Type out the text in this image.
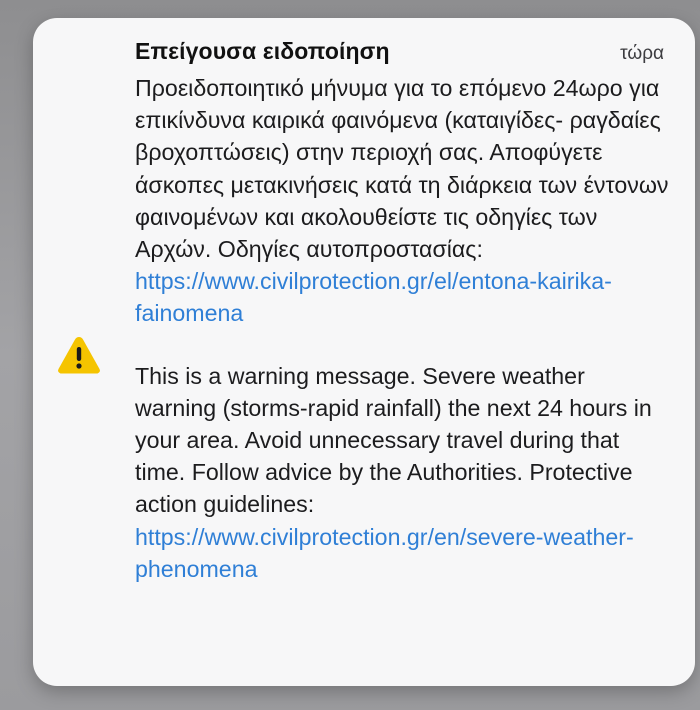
Επείγουσα ειδοποίηση	τώρα

Προειδοποιητικό μήνυμα για το επόμενο 24ωρο για επικίνδυνα καιρικά φαινόμενα (καταιγίδες- ραγδαίες βροχοπτώσεις) στην περιοχή σας. Αποφύγετε άσκοπες μετακινήσεις κατά τη διάρκεια των έντονων φαινομένων και ακολουθείστε τις οδηγίες των Αρχών. Οδηγίες αυτοπροστασίας: https://www.civilprotection.gr/el/entona-kairika-fainomena

This is a warning message. Severe weather warning (storms-rapid rainfall) the next 24 hours in your area. Avoid unnecessary travel during that time. Follow advice by the Authorities. Protective action guidelines: https://www.civilprotection.gr/en/severe-weather-phenomena
